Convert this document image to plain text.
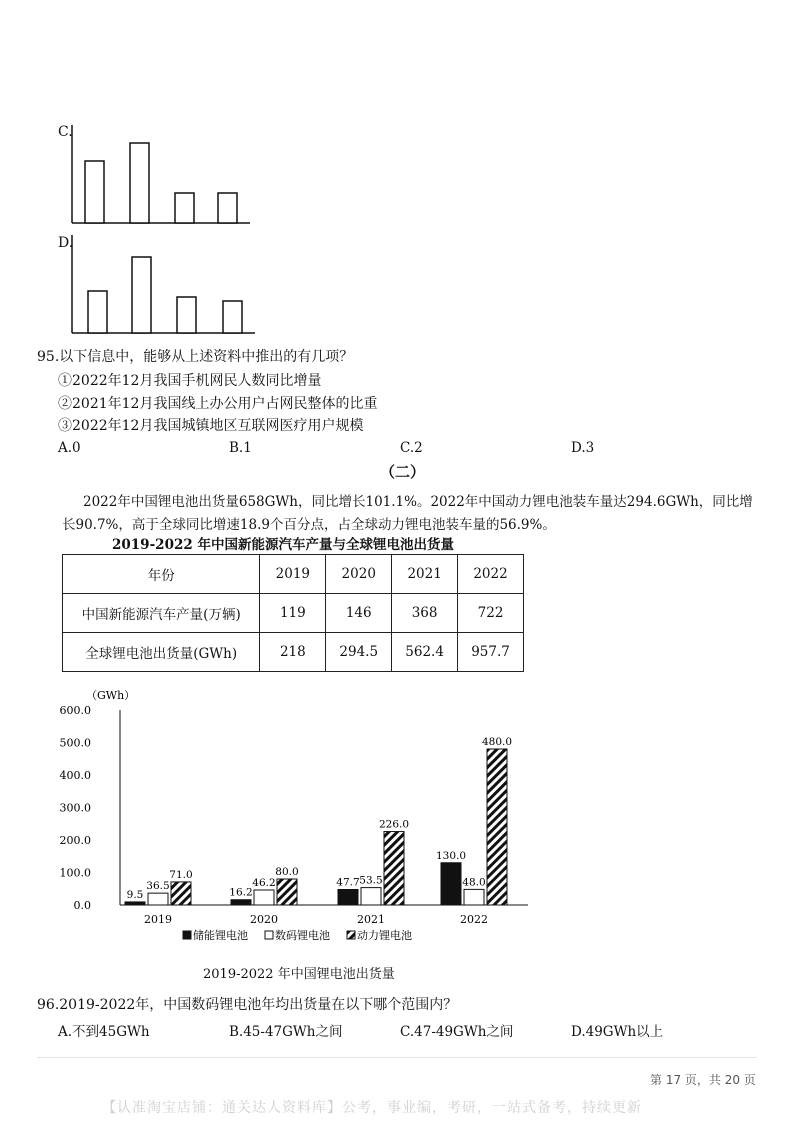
C.
D.
95.以下信息中，能够从上述资料中推出的有几项？
①2022年12月我国手机网民人数同比增量
②2021年12月我国线上办公用户占网民整体的比重
③2022年12月我国城镇地区互联网医疗用户规模
A.0	B.1	C.2	D.3
（二）
2022年中国锂电池出货量658GWh，同比增长101.1%。2022年中国动力锂电池装车量达294.6GWh，同比增
长90.7%，高于全球同比增速18.9个百分点，占全球动力锂电池装车量的56.9%。
2019-2022 年中国新能源汽车产量与全球锂电池出货量
年份	2019	2020	2021	2022
中国新能源汽车产量(万辆)	119	146	368	722
全球锂电池出货量(GWh)	218	294.5	562.4	957.7
（GWh）
0.0
100.0
200.0
300.0
400.0
500.0
600.0
9.5
36.5
71.0
16.2
46.2
80.0
47.7 53.5
226.0
130.0
48.0
480.0
2019	2020	2021	2022
储能锂电池 数码锂电池 动力锂电池
2019-2022 年中国锂电池出货量
96.2019-2022年，中国数码锂电池年均出货量在以下哪个范围内？
A.不到45GWh	B.45-47GWh之间	C.47-49GWh之间	D.49GWh以上
第 17 页，共 20 页
【认准淘宝店铺：通关达人资料库】公考，事业编，考研，一站式备考，持续更新
